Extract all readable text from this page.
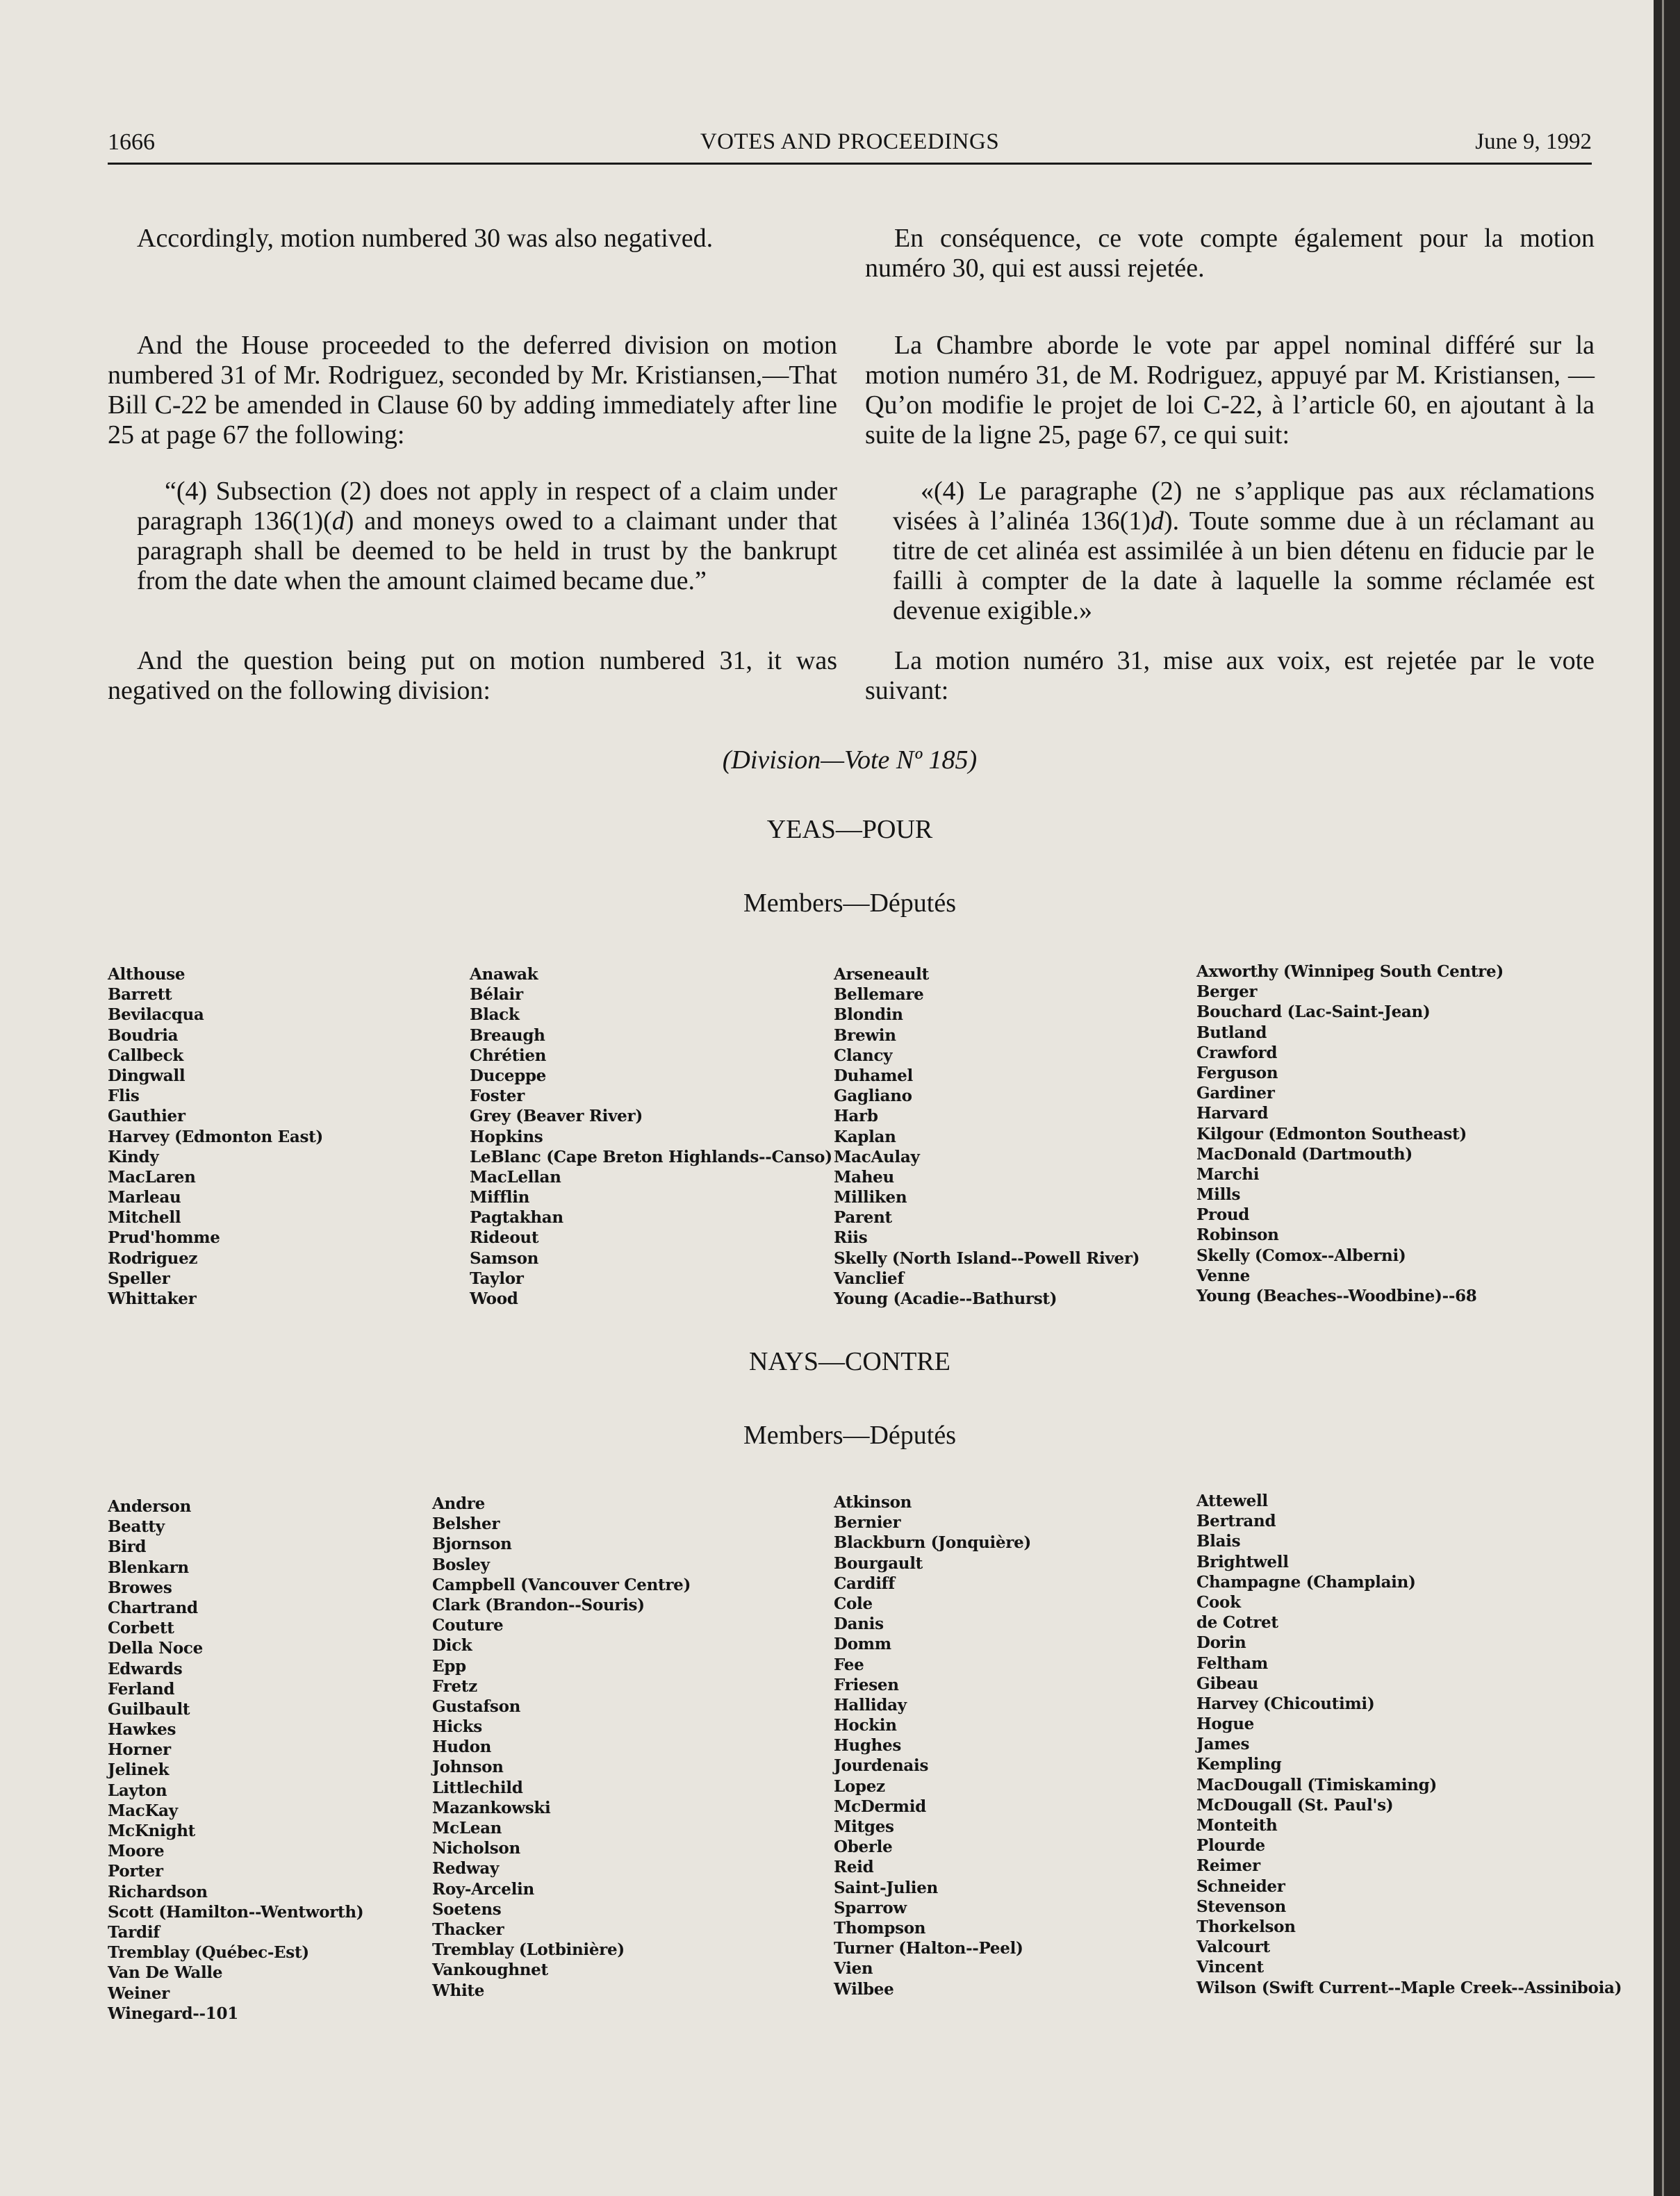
1666	VOTES AND PROCEEDINGS	June 9, 1992

Accordingly, motion numbered 30 was also negatived.

And the House proceeded to the deferred division on motion numbered 31 of Mr. Rodriguez, seconded by Mr. Kristiansen,—That Bill C-22 be amended in Clause 60 by adding immediately after line 25 at page 67 the following:

“(4) Subsection (2) does not apply in respect of a claim under paragraph 136(1)(d) and moneys owed to a claimant under that paragraph shall be deemed to be held in trust by the bankrupt from the date when the amount claimed became due.”

And the question being put on motion numbered 31, it was negatived on the following division:

En conséquence, ce vote compte également pour la motion numéro 30, qui est aussi rejetée.

La Chambre aborde le vote par appel nominal différé sur la motion numéro 31, de M. Rodriguez, appuyé par M. Kristiansen, —Qu’on modifie le projet de loi C-22, à l’article 60, en ajoutant à la suite de la ligne 25, page 67, ce qui suit:

«(4) Le paragraphe (2) ne s’applique pas aux réclamations visées à l’alinéa 136(1)d). Toute somme due à un réclamant au titre de cet alinéa est assimilée à un bien détenu en fiducie par le failli à compter de la date à laquelle la somme réclamée est devenue exigible.»

La motion numéro 31, mise aux voix, est rejetée par le vote suivant:

(Division—Vote Nº 185)
YEAS—POUR
Members—Députés
Althouse
Barrett
Bevilacqua
Boudria
Callbeck
Dingwall
Flis
Gauthier
Harvey (Edmonton East)
Kindy
MacLaren
Marleau
Mitchell
Prud'homme
Rodriguez
Speller
Whittaker
Anawak
Bélair
Black
Breaugh
Chrétien
Duceppe
Foster
Grey (Beaver River)
Hopkins
LeBlanc (Cape Breton Highlands--Canso)
MacLellan
Mifflin
Pagtakhan
Rideout
Samson
Taylor
Wood
Arseneault
Bellemare
Blondin
Brewin
Clancy
Duhamel
Gagliano
Harb
Kaplan
MacAulay
Maheu
Milliken
Parent
Riis
Skelly (North Island--Powell River)
Vanclief
Young (Acadie--Bathurst)
Axworthy (Winnipeg South Centre)
Berger
Bouchard (Lac-Saint-Jean)
Butland
Crawford
Ferguson
Gardiner
Harvard
Kilgour (Edmonton Southeast)
MacDonald (Dartmouth)
Marchi
Mills
Proud
Robinson
Skelly (Comox--Alberni)
Venne
Young (Beaches--Woodbine)--68
NAYS—CONTRE
Members—Députés
Anderson
Beatty
Bird
Blenkarn
Browes
Chartrand
Corbett
Della Noce
Edwards
Ferland
Guilbault
Hawkes
Horner
Jelinek
Layton
MacKay
McKnight
Moore
Porter
Richardson
Scott (Hamilton--Wentworth)
Tardif
Tremblay (Québec-Est)
Van De Walle
Weiner
Winegard--101
Andre
Belsher
Bjornson
Bosley
Campbell (Vancouver Centre)
Clark (Brandon--Souris)
Couture
Dick
Epp
Fretz
Gustafson
Hicks
Hudon
Johnson
Littlechild
Mazankowski
McLean
Nicholson
Redway
Roy-Arcelin
Soetens
Thacker
Tremblay (Lotbinière)
Vankoughnet
White
Atkinson
Bernier
Blackburn (Jonquière)
Bourgault
Cardiff
Cole
Danis
Domm
Fee
Friesen
Halliday
Hockin
Hughes
Jourdenais
Lopez
McDermid
Mitges
Oberle
Reid
Saint-Julien
Sparrow
Thompson
Turner (Halton--Peel)
Vien
Wilbee
Attewell
Bertrand
Blais
Brightwell
Champagne (Champlain)
Cook
de Cotret
Dorin
Feltham
Gibeau
Harvey (Chicoutimi)
Hogue
James
Kempling
MacDougall (Timiskaming)
McDougall (St. Paul's)
Monteith
Plourde
Reimer
Schneider
Stevenson
Thorkelson
Valcourt
Vincent
Wilson (Swift Current--Maple Creek--Assiniboia)
